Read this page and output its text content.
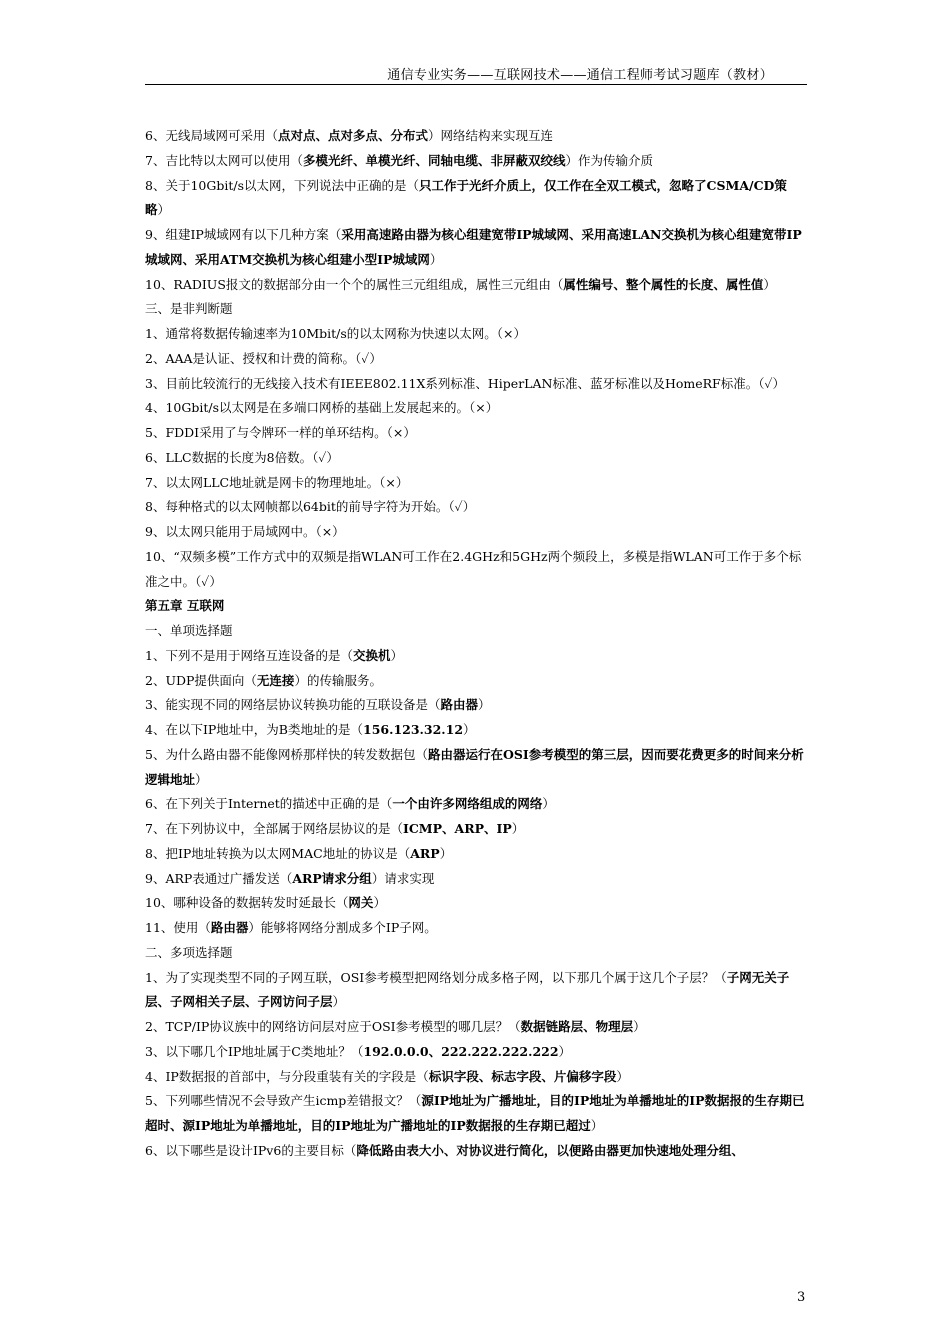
通信专业实务——互联网技术——通信工程师考试习题库（教材）

6、无线局域网可采用（点对点、点对多点、分布式）网络结构来实现互连

7、吉比特以太网可以使用（多模光纤、单模光纤、同轴电缆、非屏蔽双绞线）作为传输介质

8、关于10Gbit/s以太网，下列说法中正确的是（只工作于光纤介质上，仅工作在全双工模式，忽略了CSMA/CD策略）

9、组建IP城域网有以下几种方案（采用高速路由器为核心组建宽带IP城域网、采用高速LAN交换机为核心组建宽带IP城域网、采用ATM交换机为核心组建小型IP城域网）

10、RADIUS报文的数据部分由一个个的属性三元组组成，属性三元组由（属性编号、整个属性的长度、属性值）

三、是非判断题

1、通常将数据传输速率为10Mbit/s的以太网称为快速以太网。（×）

2、AAA是认证、授权和计费的简称。（✓）

3、目前比较流行的无线接入技术有IEEE802.11X系列标准、HiperLAN标准、蓝牙标准以及HomeRF标准。（✓）

4、10Gbit/s以太网是在多端口网桥的基础上发展起来的。（×）

5、FDDI采用了与令牌环一样的单环结构。（×）

6、LLC数据的长度为8倍数。（✓）

7、以太网LLC地址就是网卡的物理地址。（×）

8、每种格式的以太网帧都以64bit的前导字符为开始。（✓）

9、以太网只能用于局域网中。（×）

10、“双频多模”工作方式中的双频是指WLAN可工作在2.4GHz和5GHz两个频段上，多模是指WLAN可工作于多个标准之中。（✓）

第五章 互联网

一、单项选择题

1、下列不是用于网络互连设备的是（交换机）

2、UDP提供面向（无连接）的传输服务。

3、能实现不同的网络层协议转换功能的互联设备是（路由器）

4、在以下IP地址中，为B类地址的是（156.123.32.12）

5、为什么路由器不能像网桥那样快的转发数据包（路由器运行在OSI参考模型的第三层，因而要花费更多的时间来分析逻辑地址）

6、在下列关于Internet的描述中正确的是（一个由许多网络组成的网络）

7、在下列协议中，全部属于网络层协议的是（ICMP、ARP、IP）

8、把IP地址转换为以太网MAC地址的协议是（ARP）

9、ARP表通过广播发送（ARP请求分组）请求实现

10、哪种设备的数据转发时延最长（网关）

11、使用（路由器）能够将网络分割成多个IP子网。

二、多项选择题

1、为了实现类型不同的子网互联，OSI参考模型把网络划分成多格子网，以下那几个属于这几个子层？（子网无关子层、子网相关子层、子网访问子层）

2、TCP/IP协议族中的网络访问层对应于OSI参考模型的哪几层？（数据链路层、物理层）

3、以下哪几个IP地址属于C类地址？（192.0.0.0、222.222.222.222）

4、IP数据报的首部中，与分段重装有关的字段是（标识字段、标志字段、片偏移字段）

5、下列哪些情况不会导致产生icmp差错报文？（源IP地址为广播地址，目的IP地址为单播地址的IP数据报的生存期已超时、源IP地址为单播地址，目的IP地址为广播地址的IP数据报的生存期已超过）

6、以下哪些是设计IPv6的主要目标（降低路由表大小、对协议进行简化，以便路由器更加快速地处理分组、

3
